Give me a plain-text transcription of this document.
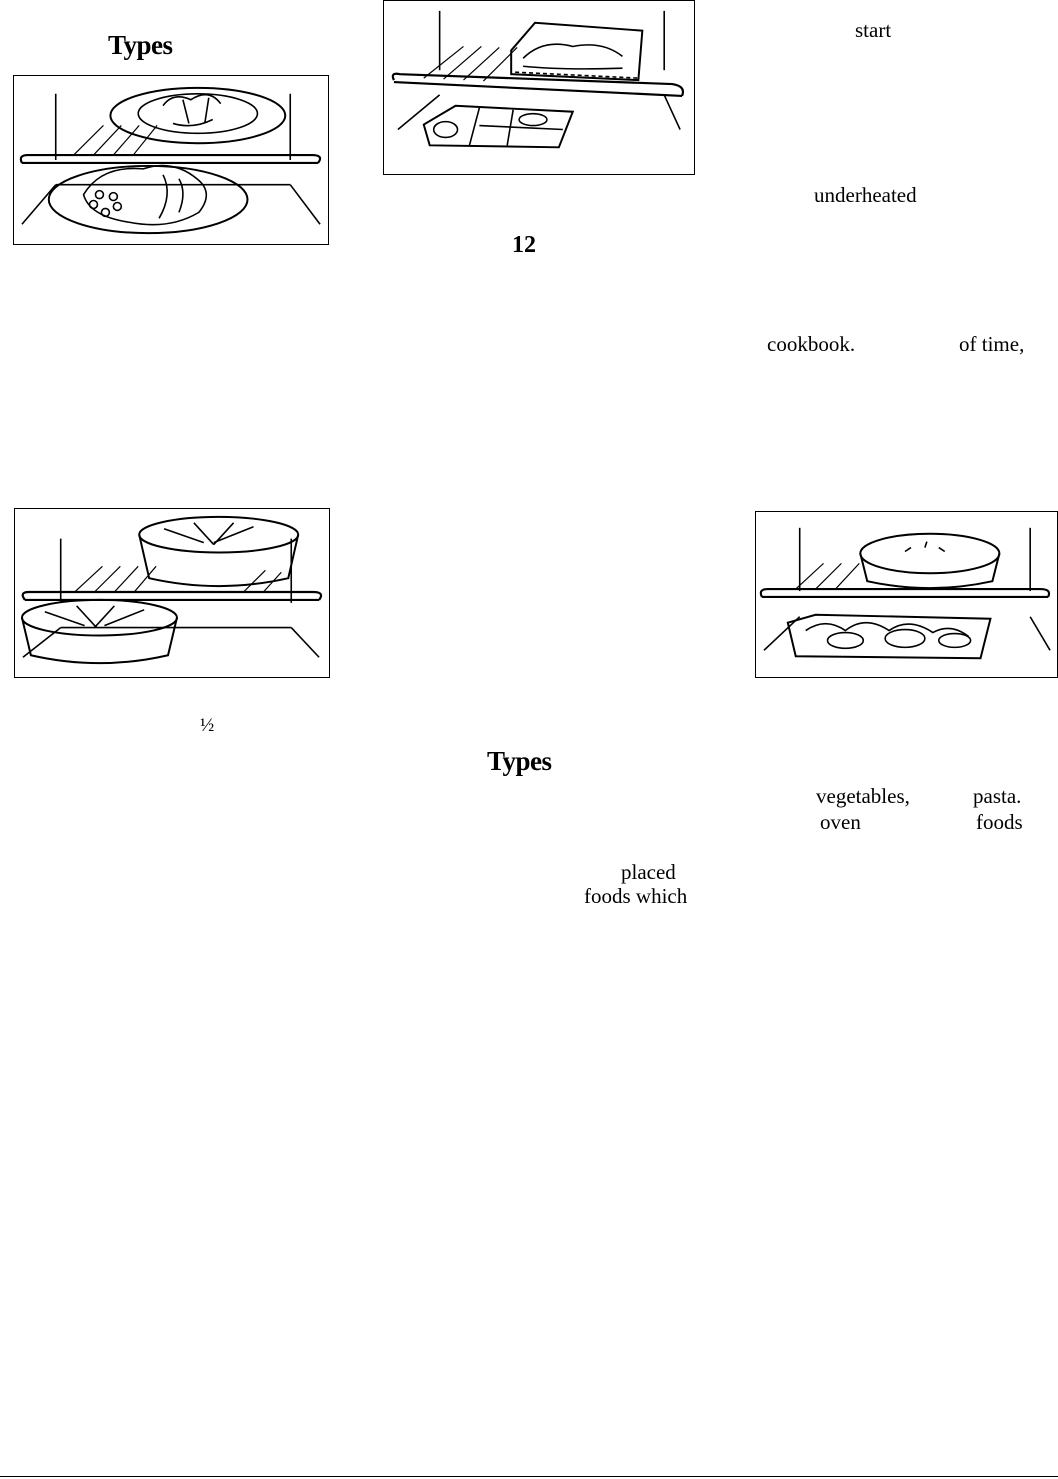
Types	start
underheated
12
cookbook.	of time,
½
Types
vegetables,	pasta.
oven	foods
placed
foods which
